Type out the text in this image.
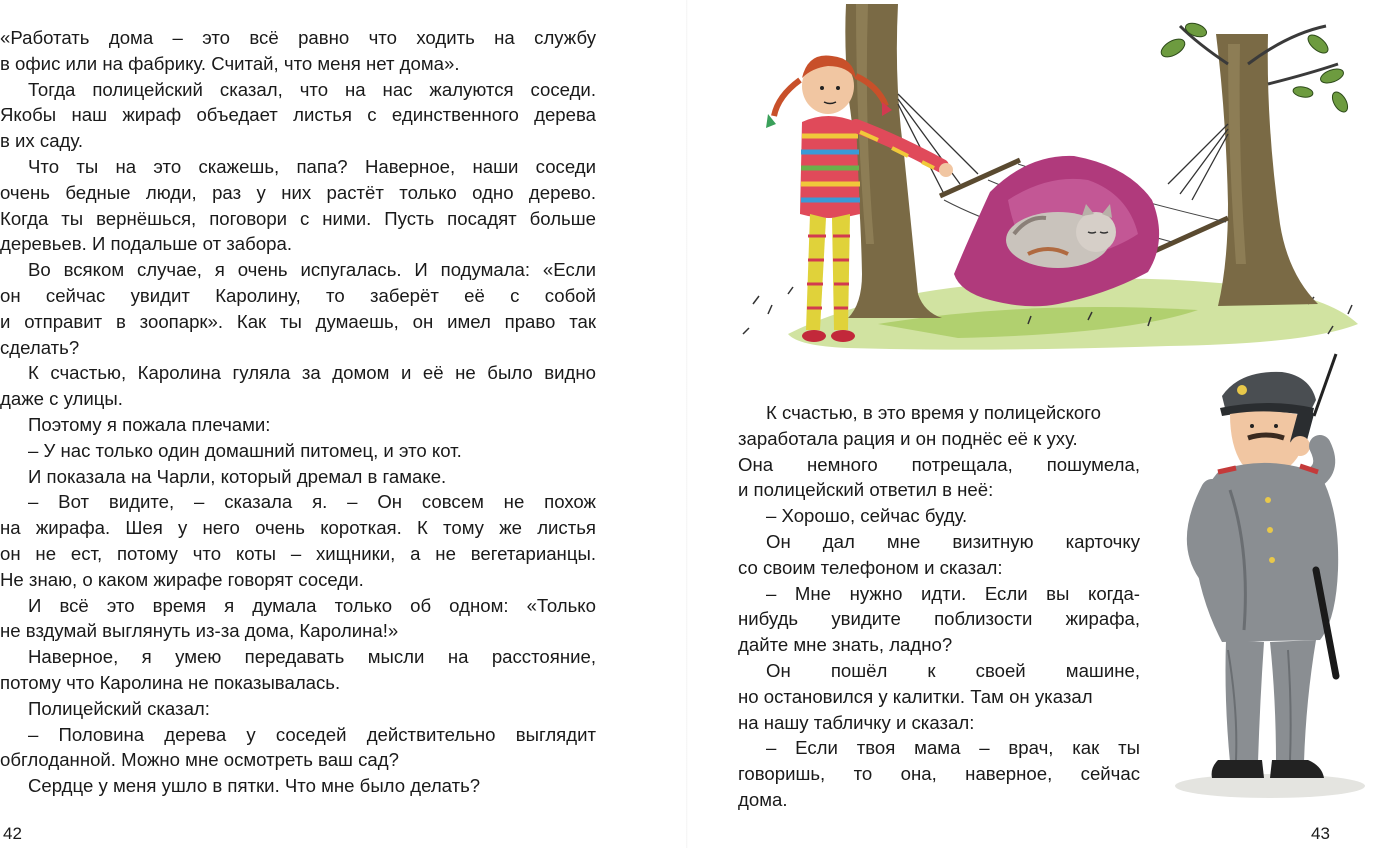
«Работать дома – это всё равно что ходить на службу
в офис или на фабрику. Считай, что меня нет дома».
Тогда полицейский сказал, что на нас жалуются соседи.
Якобы наш жираф объедает листья с единственного дерева
в их саду.
Что ты на это скажешь, папа? Наверное, наши соседи
очень бедные люди, раз у них растёт только одно дерево.
Когда ты вернёшься, поговори с ними. Пусть посадят больше
деревьев. И подальше от забора.
Во всяком случае, я очень испугалась. И подумала: «Если
он сейчас увидит Каролину, то заберёт её с собой
и отправит в зоопарк». Как ты думаешь, он имел право так
сделать?
К счастью, Каролина гуляла за домом и её не было видно
даже с улицы.
Поэтому я пожала плечами:
– У нас только один домашний питомец, и это кот.
И показала на Чарли, который дремал в гамаке.
– Вот видите, – сказала я. – Он совсем не похож
на жирафа. Шея у него очень короткая. К тому же листья
он не ест, потому что коты – хищники, а не вегетарианцы.
Не знаю, о каком жирафе говорят соседи.
И всё это время я думала только об одном: «Только
не вздумай выглянуть из-за дома, Каролина!»
Наверное, я умею передавать мысли на расстояние,
потому что Каролина не показывалась.
Полицейский сказал:
– Половина дерева у соседей действительно выглядит
обглоданной. Можно мне осмотреть ваш сад?
Сердце у меня ушло в пятки. Что мне было делать?
42
К счастью, в это время у полицейского
заработала рация и он поднёс её к уху.
Она немного потрещала, пошумела,
и полицейский ответил в неё:
– Хорошо, сейчас буду.
Он дал мне визитную карточку
со своим телефоном и сказал:
– Мне нужно идти. Если вы когда-
нибудь увидите поблизости жирафа,
дайте мне знать, ладно?
Он пошёл к своей машине,
но остановился у калитки. Там он указал
на нашу табличку и сказал:
– Если твоя мама – врач, как ты
говоришь, то она, наверное, сейчас
дома.
43
